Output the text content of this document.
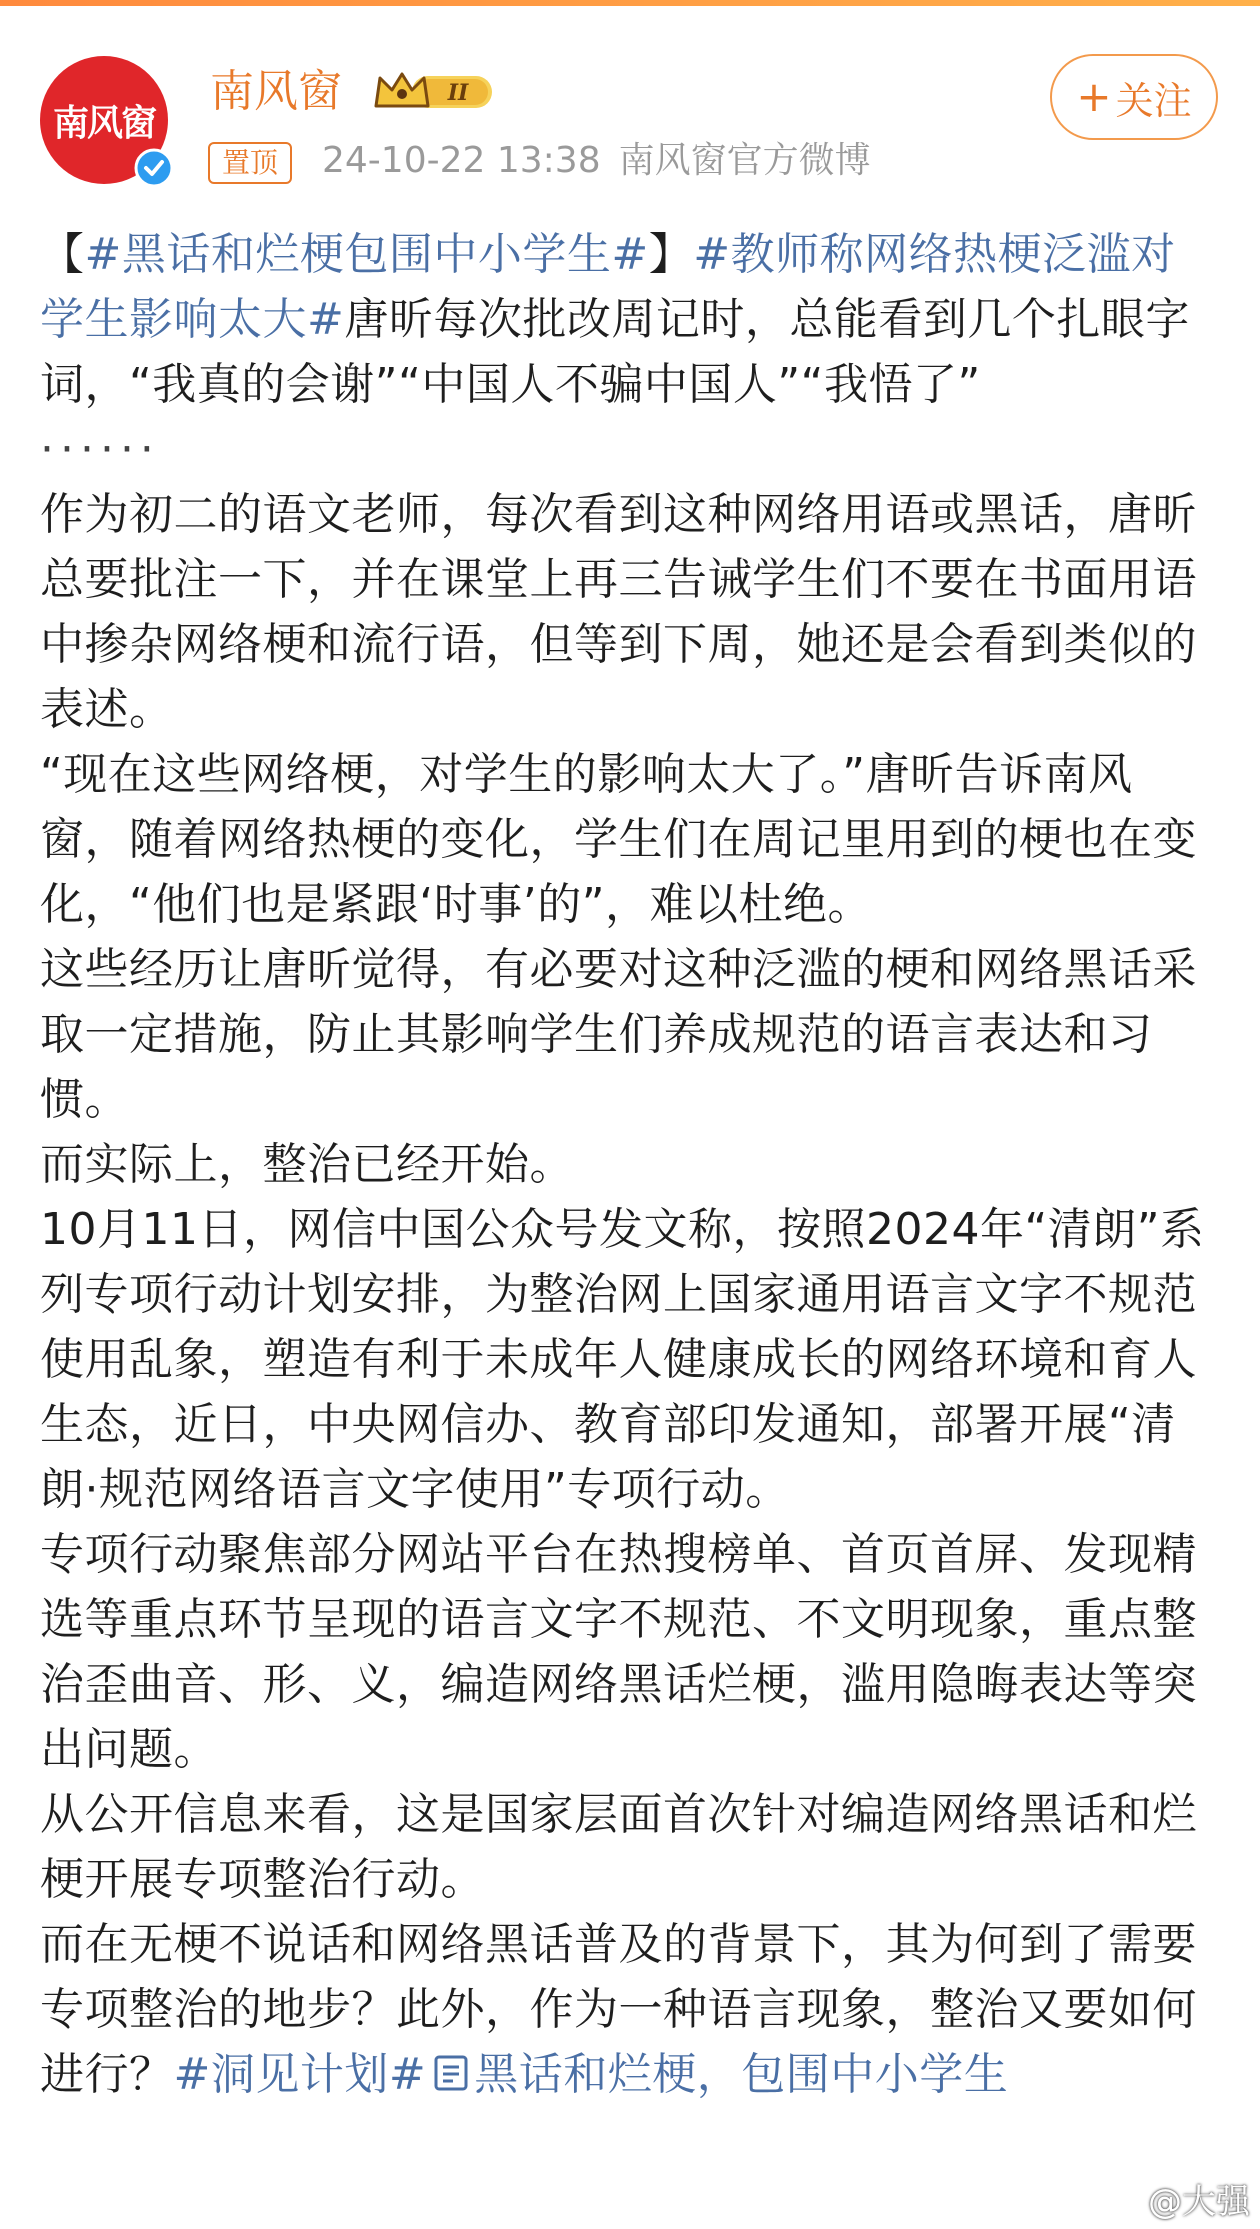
南风窗
南风窗	II
置顶	24-10-22 13:38 南风窗官方微博
+ 关注

【#黑话和烂梗包围中小学生#】#教师称网络热梗泛滥对学生影响太大#唐昕每次批改周记时，总能看到几个扎眼字词，“我真的会谢”“中国人不骗中国人”“我悟了”

······

作为初二的语文老师，每次看到这种网络用语或黑话，唐昕总要批注一下，并在课堂上再三告诫学生们不要在书面用语中掺杂网络梗和流行语，但等到下周，她还是会看到类似的表述。

“现在这些网络梗，对学生的影响太大了。”唐昕告诉南风窗，随着网络热梗的变化，学生们在周记里用到的梗也在变化，“他们也是紧跟‘时事’的”，难以杜绝。

这些经历让唐昕觉得，有必要对这种泛滥的梗和网络黑话采取一定措施，防止其影响学生们养成规范的语言表达和习惯。

而实际上，整治已经开始。

10月11日，网信中国公众号发文称，按照2024年“清朗”系列专项行动计划安排，为整治网上国家通用语言文字不规范使用乱象，塑造有利于未成年人健康成长的网络环境和育人生态，近日，中央网信办、教育部印发通知，部署开展“清朗·规范网络语言文字使用”专项行动。

专项行动聚焦部分网站平台在热搜榜单、首页首屏、发现精选等重点环节呈现的语言文字不规范、不文明现象，重点整治歪曲音、形、义，编造网络黑话烂梗，滥用隐晦表达等突出问题。

从公开信息来看，这是国家层面首次针对编造网络黑话和烂梗开展专项整治行动。

而在无梗不说话和网络黑话普及的背景下，其为何到了需要专项整治的地步？此外，作为一种语言现象，整治又要如何进行？#洞见计划# 黑话和烂梗，包围中小学生

@大强
